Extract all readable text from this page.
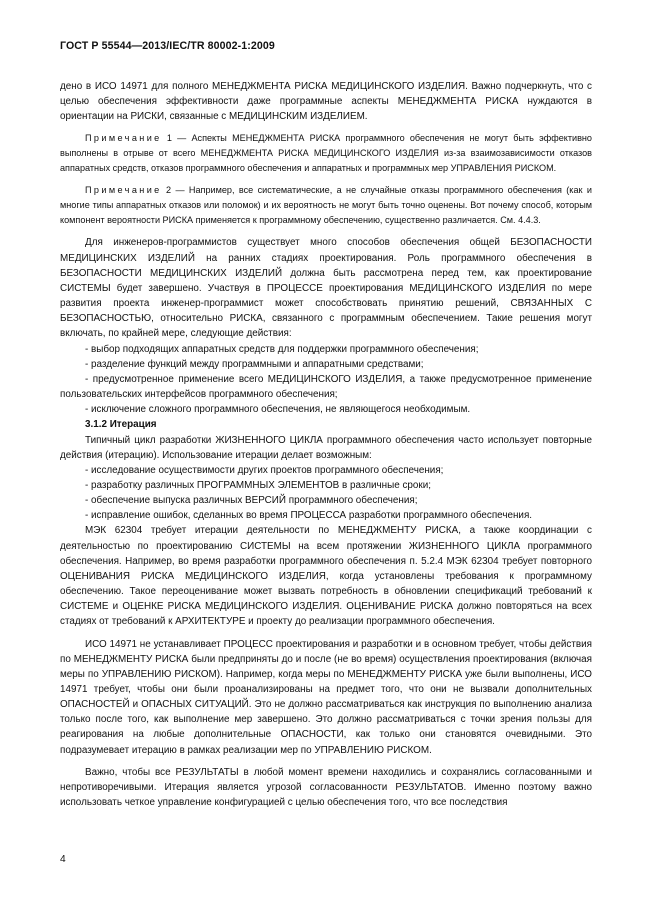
ГОСТ Р 55544—2013/IEC/TR 80002-1:2009

дено в ИСО 14971 для полного МЕНЕДЖМЕНТА РИСКА МЕДИЦИНСКОГО ИЗДЕЛИЯ. Важно подчеркнуть, что с целью обеспечения эффективности даже программные аспекты МЕНЕДЖМЕНТА РИСКА нуждаются в ориентации на РИСКИ, связанные с МЕДИЦИНСКИМ ИЗДЕЛИЕМ.

Примечание 1 — Аспекты МЕНЕДЖМЕНТА РИСКА программного обеспечения не могут быть эффективно выполнены в отрыве от всего МЕНЕДЖМЕНТА РИСКА МЕДИЦИНСКОГО ИЗДЕЛИЯ из-за взаимозависимости отказов аппаратных средств, отказов программного обеспечения и аппаратных и программных мер УПРАВЛЕНИЯ РИСКОМ.

Примечание 2 — Например, все систематические, а не случайные отказы программного обеспечения (как и многие типы аппаратных отказов или поломок) и их вероятность не могут быть точно оценены. Вот почему способ, которым компонент вероятности РИСКА применяется к программному обеспечению, существенно различается. См. 4.4.3.

Для инженеров-программистов существует много способов обеспечения общей БЕЗОПАСНОСТИ МЕДИЦИНСКИХ ИЗДЕЛИЙ на ранних стадиях проектирования. Роль программного обеспечения в БЕЗОПАСНОСТИ МЕДИЦИНСКИХ ИЗДЕЛИЙ должна быть рассмотрена перед тем, как проектирование СИСТЕМЫ будет завершено. Участвуя в ПРОЦЕССЕ проектирования МЕДИЦИНСКОГО ИЗДЕЛИЯ по мере развития проекта инженер-программист может способствовать принятию решений, СВЯЗАННЫХ С БЕЗОПАСНОСТЬЮ, относительно РИСКА, связанного с программным обеспечением. Такие решения могут включать, по крайней мере, следующие действия:

- выбор подходящих аппаратных средств для поддержки программного обеспечения;

- разделение функций между программными и аппаратными средствами;

- предусмотренное применение всего МЕДИЦИНСКОГО ИЗДЕЛИЯ, а также предусмотренное применение пользовательских интерфейсов программного обеспечения;

- исключение сложного программного обеспечения, не являющегося необходимым.

3.1.2 Итерация

Типичный цикл разработки ЖИЗНЕННОГО ЦИКЛА программного обеспечения часто использует повторные действия (итерацию). Использование итерации делает возможным:

- исследование осуществимости других проектов программного обеспечения;

- разработку различных ПРОГРАММНЫХ ЭЛЕМЕНТОВ в различные сроки;

- обеспечение выпуска различных ВЕРСИЙ программного обеспечения;

- исправление ошибок, сделанных во время ПРОЦЕССА разработки программного обеспечения.

МЭК 62304 требует итерации деятельности по МЕНЕДЖМЕНТУ РИСКА, а также координации с деятельностью по проектированию СИСТЕМЫ на всем протяжении ЖИЗНЕННОГО ЦИКЛА программного обеспечения. Например, во время разработки программного обеспечения п. 5.2.4 МЭК 62304 требует повторного ОЦЕНИВАНИЯ РИСКА МЕДИЦИНСКОГО ИЗДЕЛИЯ, когда установлены требования к программному обеспечению. Такое переоценивание может вызвать потребность в обновлении спецификаций требований к СИСТЕМЕ и ОЦЕНКЕ РИСКА МЕДИЦИНСКОГО ИЗДЕЛИЯ. ОЦЕНИВАНИЕ РИСКА должно повторяться на всех стадиях от требований к АРХИТЕКТУРЕ и проекту до реализации программного обеспечения.

ИСО 14971 не устанавливает ПРОЦЕСС проектирования и разработки и в основном требует, чтобы действия по МЕНЕДЖМЕНТУ РИСКА были предприняты до и после (не во время) осуществления проектирования (включая меры по УПРАВЛЕНИЮ РИСКОМ). Например, когда меры по МЕНЕДЖМЕНТУ РИСКА уже были выполнены, ИСО 14971 требует, чтобы они были проанализированы на предмет того, что они не вызвали дополнительных ОПАСНОСТЕЙ и ОПАСНЫХ СИТУАЦИЙ. Это не должно рассматриваться как инструкция по выполнению анализа только после того, как выполнение мер завершено. Это должно рассматриваться с точки зрения пользы для реагирования на любые дополнительные ОПАСНОСТИ, как только они становятся очевидными. Это подразумевает итерацию в рамках реализации мер по УПРАВЛЕНИЮ РИСКОМ.

Важно, чтобы все РЕЗУЛЬТАТЫ в любой момент времени находились и сохранялись согласованными и непротиворечивыми. Итерация является угрозой согласованности РЕЗУЛЬТАТОВ. Именно поэтому важно использовать четкое управление конфигурацией с целью обеспечения того, что все последствия

4
